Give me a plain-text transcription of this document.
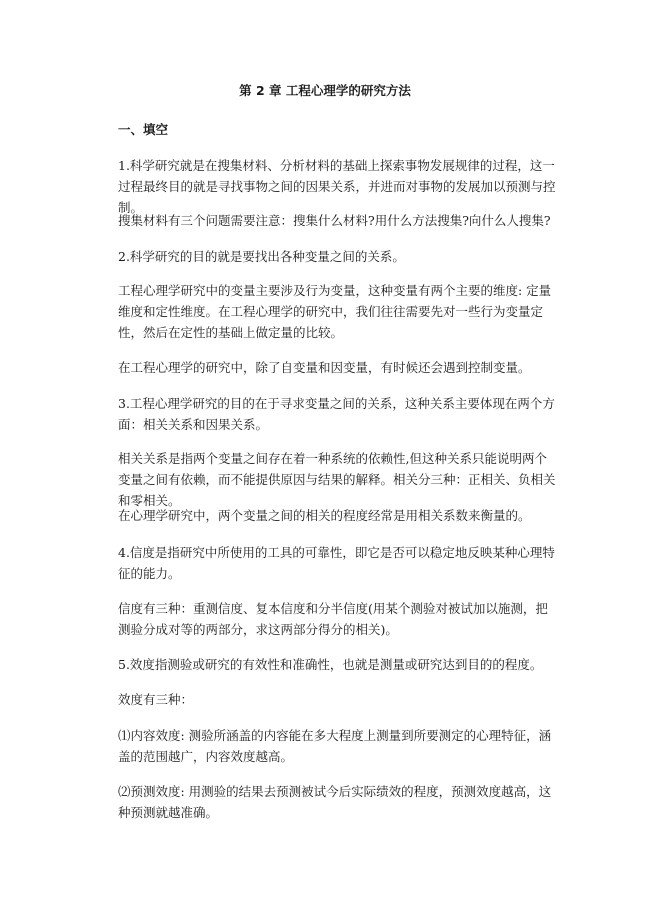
第 2 章 工程心理学的研究方法
一、填空
1.科学研究就是在搜集材料、分析材料的基础上探索事物发展规律的过程，这一过程最终目的就是寻找事物之间的因果关系，并进而对事物的发展加以预测与控制。
搜集材料有三个问题需要注意：搜集什么材料?用什么方法搜集?向什么人搜集?
2.科学研究的目的就是要找出各种变量之间的关系。
工程心理学研究中的变量主要涉及行为变量，这种变量有两个主要的维度: 定量维度和定性维度。在工程心理学的研究中，我们往往需要先对一些行为变量定性，然后在定性的基础上做定量的比较。
在工程心理学的研究中，除了自变量和因变量，有时候还会遇到控制变量。
3.工程心理学研究的目的在于寻求变量之间的关系，这种关系主要体现在两个方面：相关关系和因果关系。
相关关系是指两个变量之间存在着一种系统的依赖性,但这种关系只能说明两个变量之间有依赖，而不能提供原因与结果的解释。相关分三种：正相关、负相关和零相关。
在心理学研究中，两个变量之间的相关的程度经常是用相关系数来衡量的。
4.信度是指研究中所使用的工具的可靠性，即它是否可以稳定地反映某种心理特征的能力。
信度有三种：重测信度、复本信度和分半信度(用某个测验对被试加以施测，把测验分成对等的两部分，求这两部分得分的相关)。
5.效度指测验或研究的有效性和准确性，也就是测量或研究达到目的的程度。
效度有三种：
⑴内容效度: 测验所涵盖的内容能在多大程度上测量到所要测定的心理特征，涵盖的范围越广，内容效度越高。
⑵预测效度: 用测验的结果去预测被试今后实际绩效的程度，预测效度越高，这种预测就越准确。
